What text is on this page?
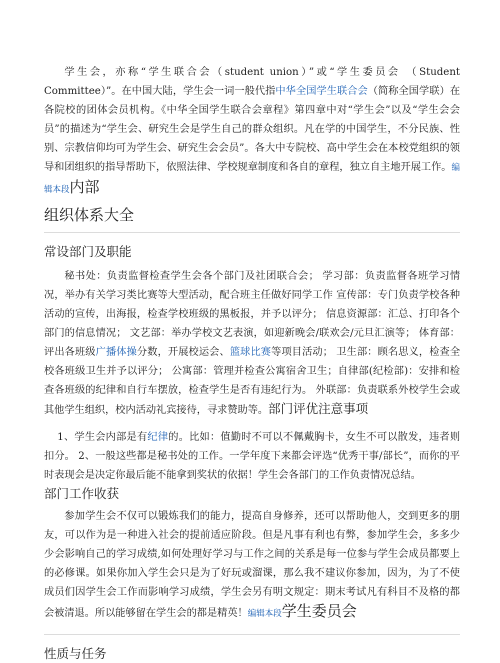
学生会，亦称“学生联合会（student union）”或“学生委员会 （Student Committee）”。在中国大陆，学生会一词一般代指中华全国学生联合会（简称全国学联）在各院校的团体会员机构。《中华全国学生联合会章程》第四章中对“学生会”以及“学生会会员”的描述为“学生会、研究生会是学生自己的群众组织。凡在学的中国学生，不分民族、性别、宗教信仰均可为学生会、研究生会会员”。各大中专院校、高中学生会在本校党组织的领导和团组织的指导帮助下，依照法律、学校规章制度和各自的章程，独立自主地开展工作。编辑本段内部

组织体系大全
常设部门及职能

秘书处：负责监督检查学生会各个部门及社团联合会； 学习部：负责监督各班学习情况，举办有关学习类比赛等大型活动，配合班主任做好同学工作 宣传部：专门负责学校各种活动的宣传，出海报，检查学校班级的黑板报，并予以评分； 信息资源部：汇总、打印各个部门的信息情况； 文艺部：举办学校文艺表演，如迎新晚会/联欢会/元旦汇演等； 体育部：评出各班级广播体操分数，开展校运会、篮球比赛等项目活动； 卫生部：顾名思义，检查全校各班级卫生并予以评分； 公寓部：管理并检查公寓宿舍卫生；自律部(纪检部)：安排和检查各班级的纪律和自行车摆放，检查学生是否有违纪行为。 外联部：负责联系外校学生会或其他学生组织，校内活动礼宾接待，寻求赞助等。部门评优注意事项

1、学生会内部是有纪律的。比如：值勤时不可以不佩戴胸卡，女生不可以散发，违者则扣分。 2、一般这些都是秘书处的工作。一学年度下来都会评选“优秀干事/部长”，而你的平时表现会是决定你最后能不能拿到奖状的依据！学生会各部门的工作负责情况总结。

部门工作收获

参加学生会不仅可以锻炼我们的能力，提高自身修养，还可以帮助他人，交到更多的朋友，可以作为是一种进入社会的提前适应阶段。但是凡事有利也有弊，参加学生会，多多少少会影响自己的学习成绩,如何处理好学习与工作之间的关系是每一位参与学生会成员都要上的必修课。如果你加入学生会只是为了好玩或溜课，那么我不建议你参加，因为，为了不使成员们因学生会工作而影响学习成绩，学生会另有明文规定：期末考试凡有科目不及格的都会被清退。所以能够留在学生会的都是精英！编辑本段学生委员会

性质与任务
